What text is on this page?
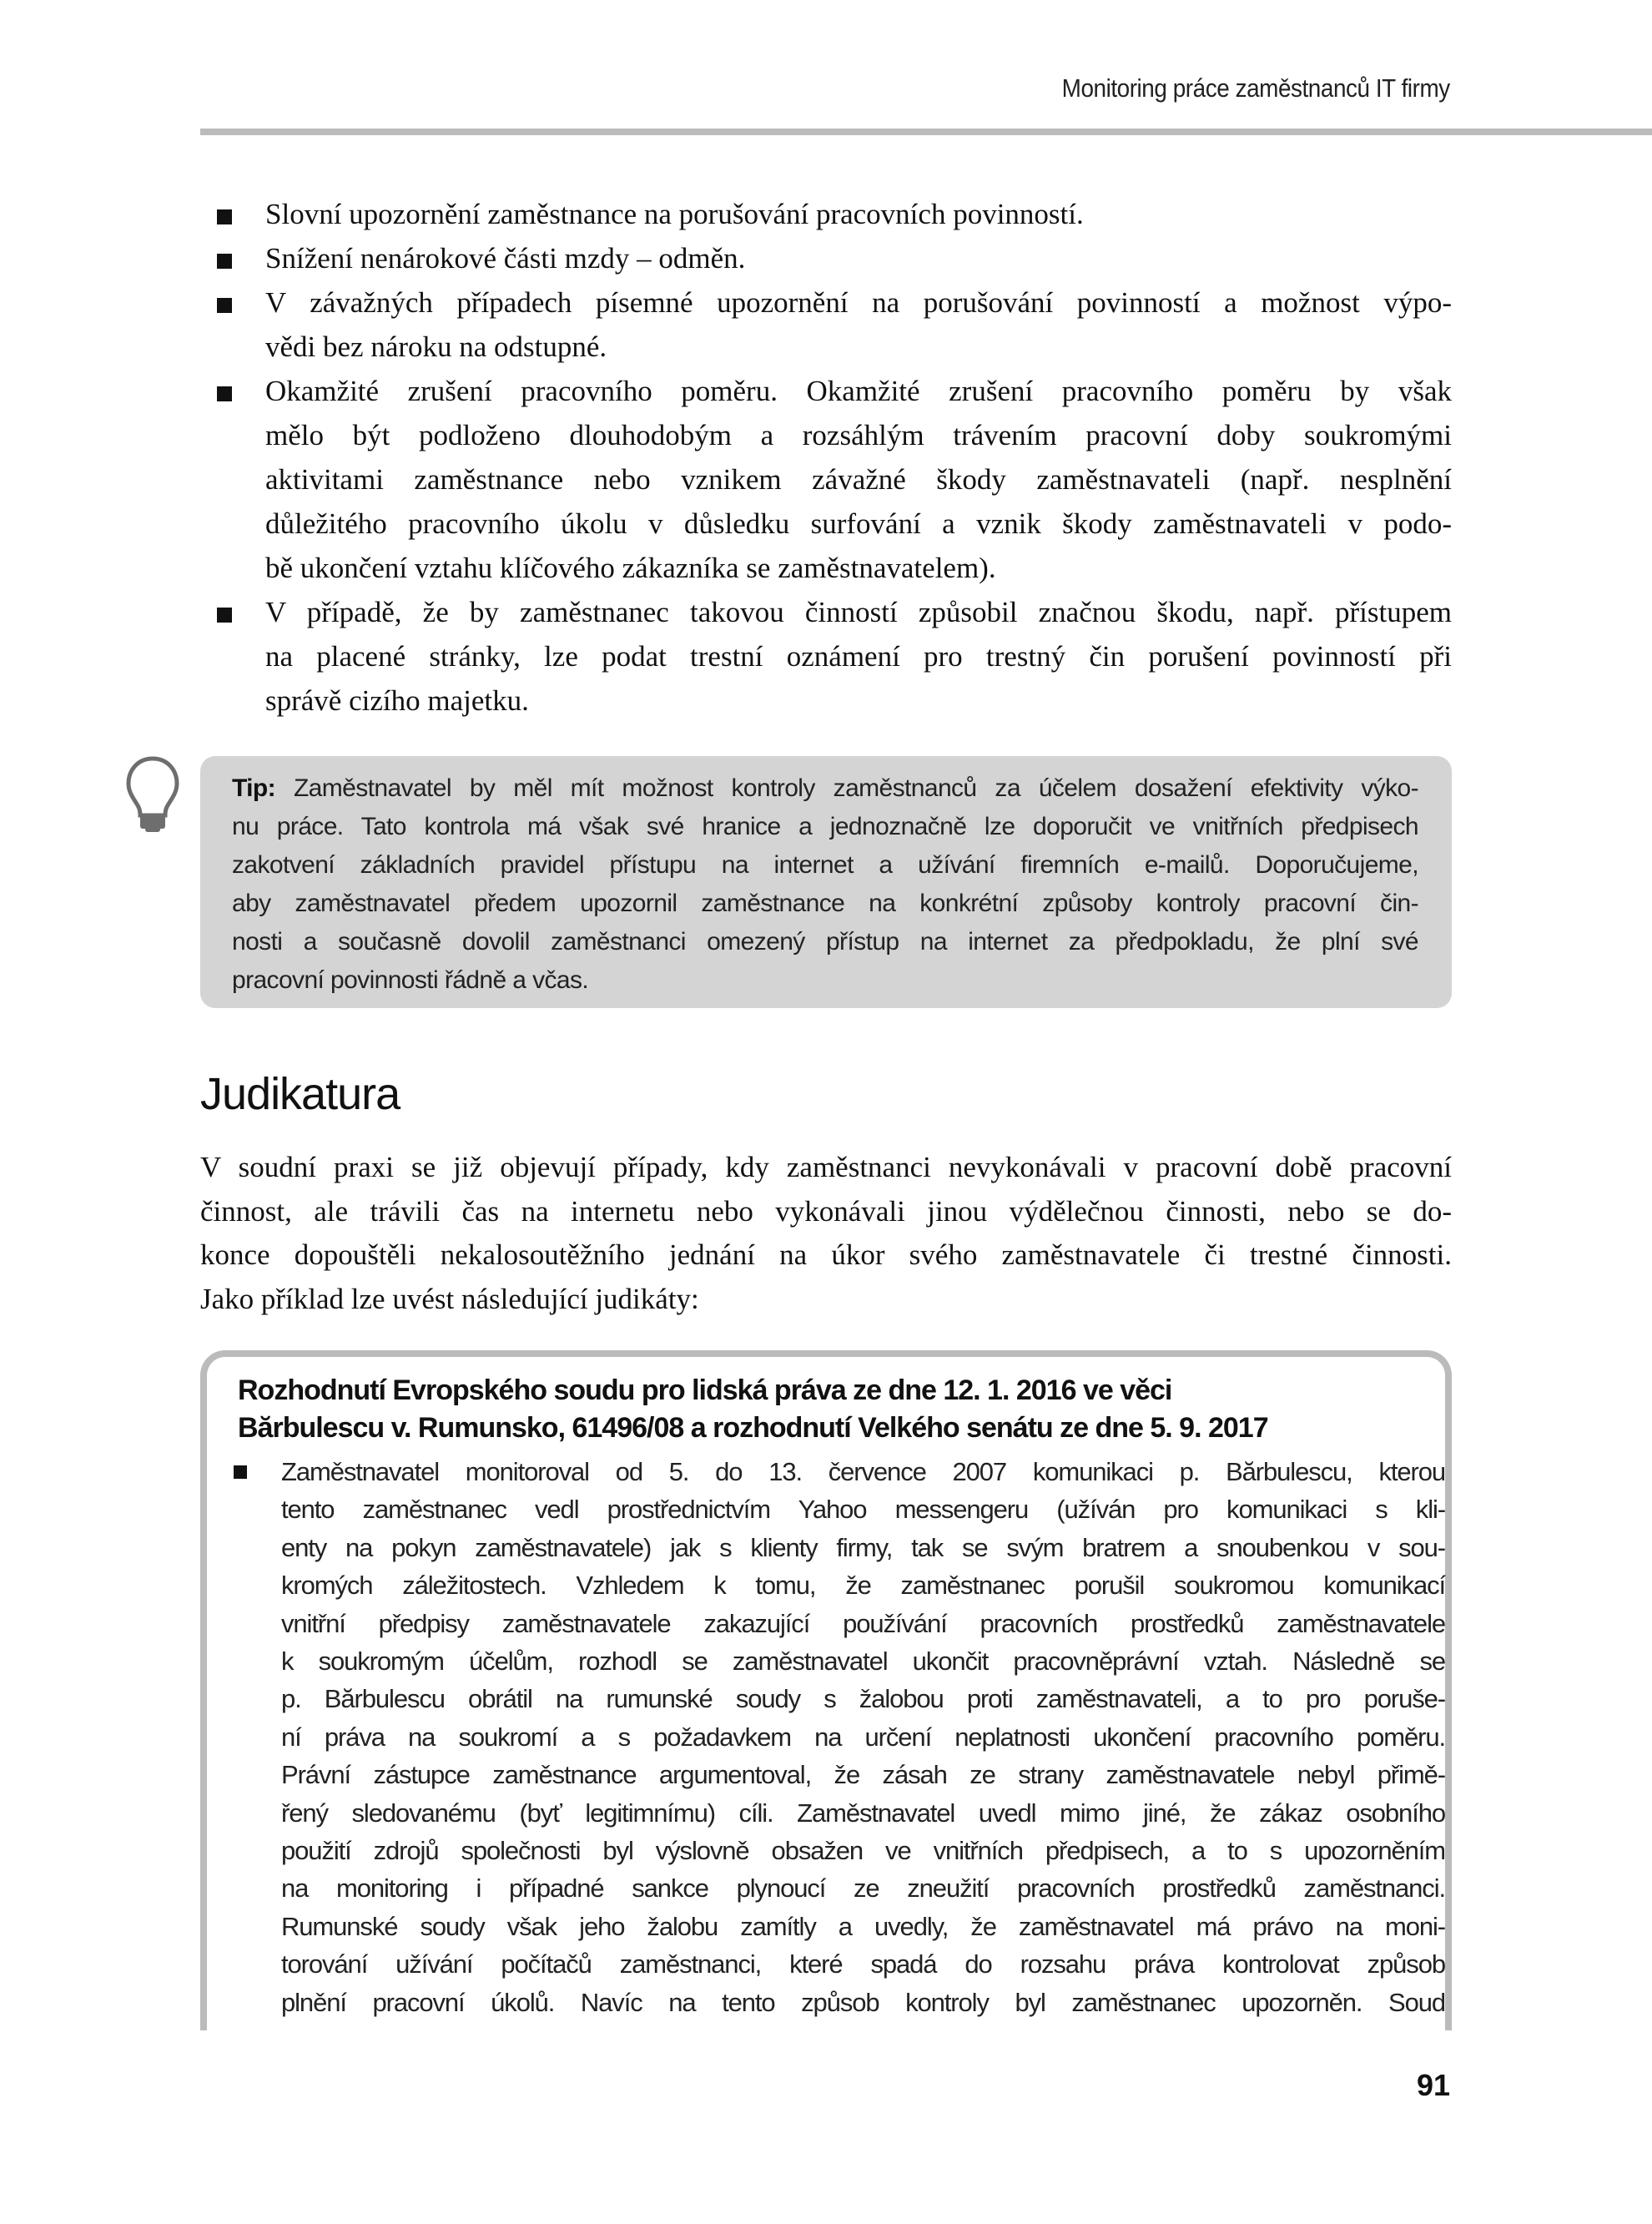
Monitoring práce zaměstnanců IT firmy
Slovní upozornění zaměstnance na porušování pracovních povinností.
Snížení nenárokové části mzdy – odměn.
V závažných případech písemné upozornění na porušování povinností a možnost výpo-
vědi bez nároku na odstupné.
Okamžité zrušení pracovního poměru. Okamžité zrušení pracovního poměru by však
mělo být podloženo dlouhodobým a rozsáhlým trávením pracovní doby soukromými
aktivitami zaměstnance nebo vznikem závažné škody zaměstnavateli (např. nesplnění
důležitého pracovního úkolu v důsledku surfování a vznik škody zaměstnavateli v podo-
bě ukončení vztahu klíčového zákazníka se zaměstnavatelem).
V případě, že by zaměstnanec takovou činností způsobil značnou škodu, např. přístupem
na placené stránky, lze podat trestní oznámení pro trestný čin porušení povinností při
správě cizího majetku.
Tip: Zaměstnavatel by měl mít možnost kontroly zaměstnanců za účelem dosažení efektivity výko-
nu práce. Tato kontrola má však své hranice a jednoznačně lze doporučit ve vnitřních předpisech
zakotvení základních pravidel přístupu na internet a užívání firemních e-mailů. Doporučujeme,
aby zaměstnavatel předem upozornil zaměstnance na konkrétní způsoby kontroly pracovní čin-
nosti a současně dovolil zaměstnanci omezený přístup na internet za předpokladu, že plní své
pracovní povinnosti řádně a včas.
Judikatura
V soudní praxi se již objevují případy, kdy zaměstnanci nevykonávali v pracovní době pracovní
činnost, ale trávili čas na internetu nebo vykonávali jinou výdělečnou činnosti, nebo se do-
konce dopouštěli nekalosoutěžního jednání na úkor svého zaměstnavatele či trestné činnosti.
Jako příklad lze uvést následující judikáty:
Rozhodnutí Evropského soudu pro lidská práva ze dne 12. 1. 2016 ve věci
Bărbulescu v. Rumunsko, 61496/08 a rozhodnutí Velkého senátu ze dne 5. 9. 2017
Zaměstnavatel monitoroval od 5. do 13. července 2007 komunikaci p. Bărbulescu, kterou
tento zaměstnanec vedl prostřednictvím Yahoo messengeru (užíván pro komunikaci s kli-
enty na pokyn zaměstnavatele) jak s klienty firmy, tak se svým bratrem a snoubenkou v sou-
kromých záležitostech. Vzhledem k tomu, že zaměstnanec porušil soukromou komunikací
vnitřní předpisy zaměstnavatele zakazující používání pracovních prostředků zaměstnavatele
k soukromým účelům, rozhodl se zaměstnavatel ukončit pracovněprávní vztah. Následně se
p. Bărbulescu obrátil na rumunské soudy s žalobou proti zaměstnavateli, a to pro poruše-
ní práva na soukromí a s požadavkem na určení neplatnosti ukončení pracovního poměru.
Právní zástupce zaměstnance argumentoval, že zásah ze strany zaměstnavatele nebyl přimě-
řený sledovanému (byť legitimnímu) cíli. Zaměstnavatel uvedl mimo jiné, že zákaz osobního
použití zdrojů společnosti byl výslovně obsažen ve vnitřních předpisech, a to s upozorněním
na monitoring i případné sankce plynoucí ze zneužití pracovních prostředků zaměstnanci.
Rumunské soudy však jeho žalobu zamítly a uvedly, že zaměstnavatel má právo na moni-
torování užívání počítačů zaměstnanci, které spadá do rozsahu práva kontrolovat způsob
plnění pracovní úkolů. Navíc na tento způsob kontroly byl zaměstnanec upozorněn. Soud
91
